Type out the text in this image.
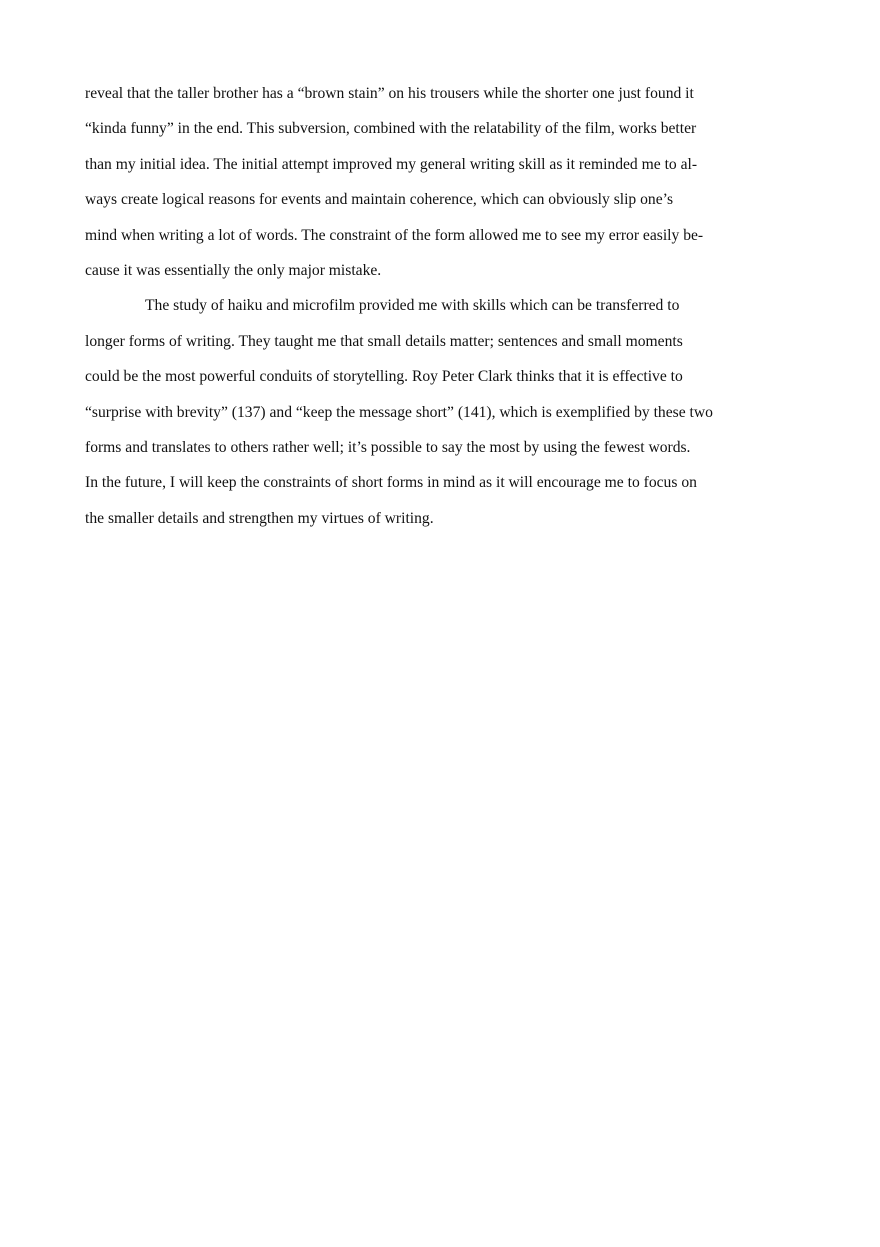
reveal that the taller brother has a “brown stain” on his trousers while the shorter one just found it
“kinda funny” in the end. This subversion, combined with the relatability of the film, works better
than my initial idea. The initial attempt improved my general writing skill as it reminded me to al-
ways create logical reasons for events and maintain coherence, which can obviously slip one’s
mind when writing a lot of words. The constraint of the form allowed me to see my error easily be-
cause it was essentially the only major mistake.
The study of haiku and microfilm provided me with skills which can be transferred to
longer forms of writing. They taught me that small details matter; sentences and small moments
could be the most powerful conduits of storytelling. Roy Peter Clark thinks that it is effective to
“surprise with brevity” (137) and “keep the message short” (141), which is exemplified by these two
forms and translates to others rather well; it’s possible to say the most by using the fewest words.
In the future, I will keep the constraints of short forms in mind as it will encourage me to focus on
the smaller details and strengthen my virtues of writing.
